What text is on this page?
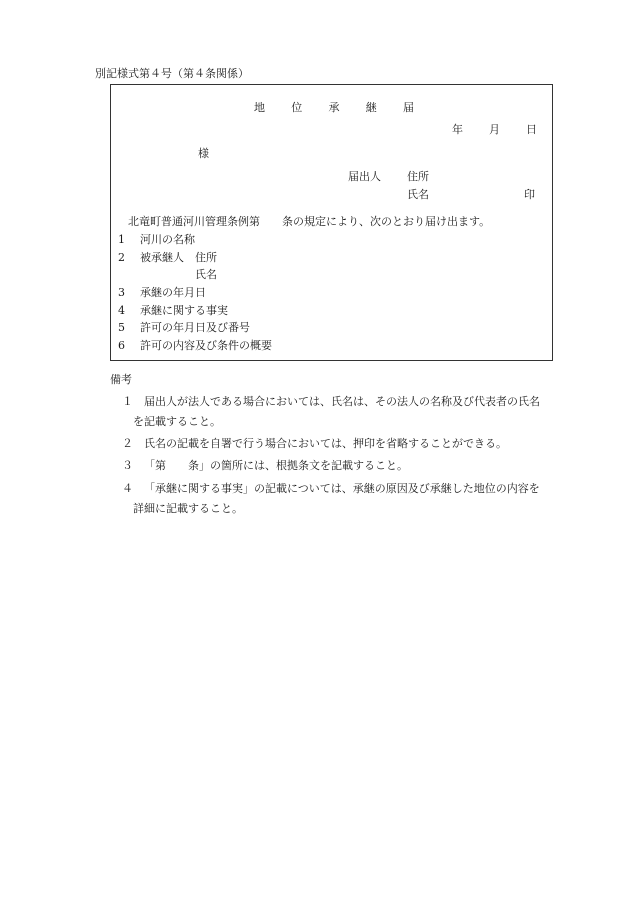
別記様式第４号（第４条関係）
地 位 承 継 届
年 月 日
様
届出人 住所
氏名	印
北竜町普通河川管理条例第　　条の規定により、次のとおり届け出ます。
1 河川の名称
2 被承継人　住所
　　　　　氏名
3 承継の年月日
4 承継に関する事実
5 許可の年月日及び番号
6 許可の内容及び条件の概要
備考
１ 届出人が法人である場合においては、氏名は、その法人の名称及び代表者の氏名
を記載すること。
２ 氏名の記載を自署で行う場合においては、押印を省略することができる。
３ 「第　　条」の箇所には、根拠条文を記載すること。
４ 「承継に関する事実」の記載については、承継の原因及び承継した地位の内容を
詳細に記載すること。
